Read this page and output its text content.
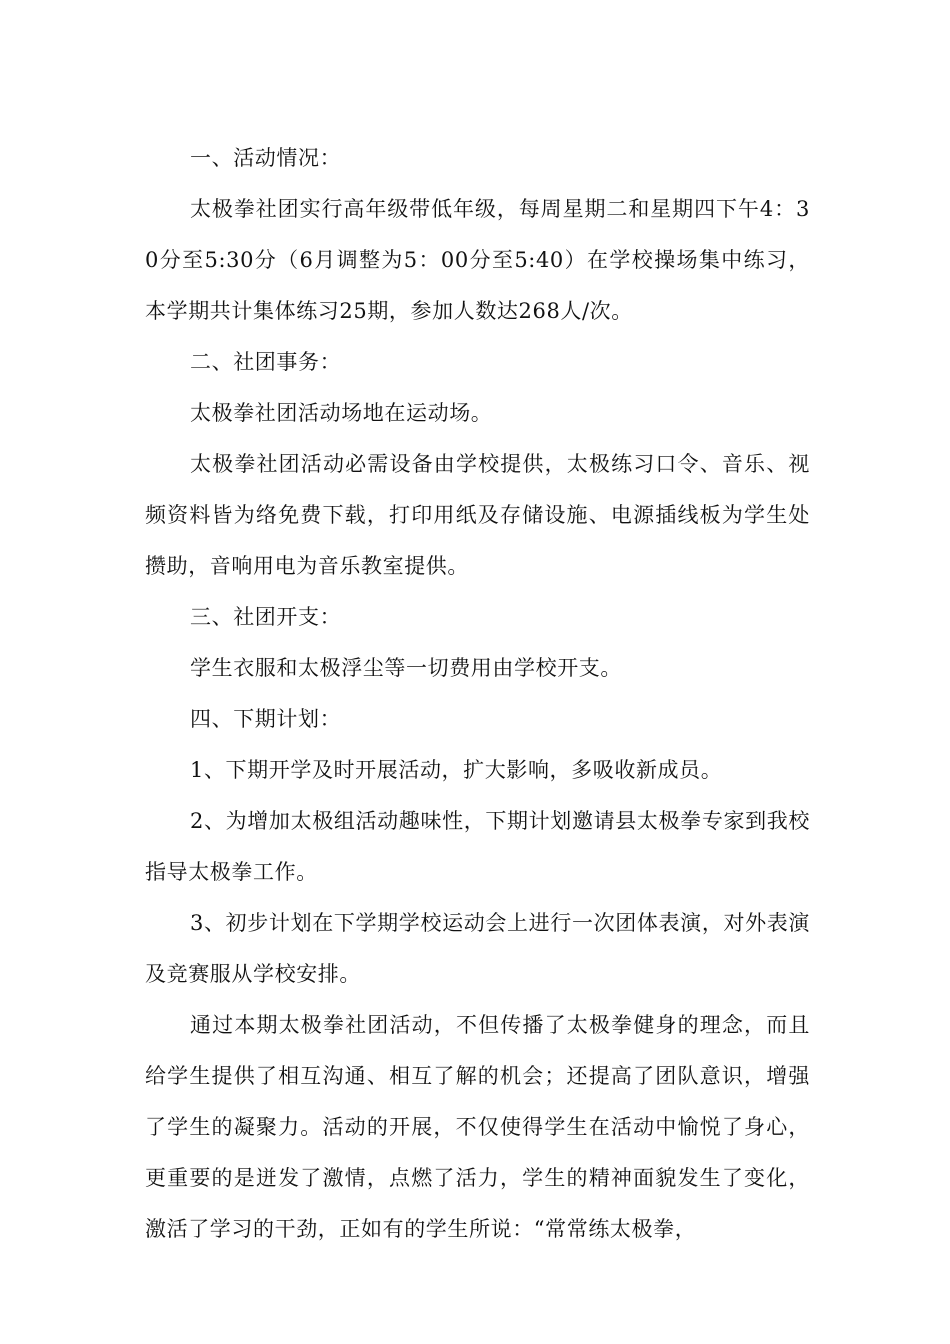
一、活动情况：

太极拳社团实行高年级带低年级，每周星期二和星期四下午4：30分至5:30分（6月调整为5：00分至5:40）在学校操场集中练习，本学期共计集体练习25期，参加人数达268人/次。

二、社团事务：

太极拳社团活动场地在运动场。

太极拳社团活动必需设备由学校提供，太极练习口令、音乐、视频资料皆为络免费下载，打印用纸及存储设施、电源插线板为学生处攒助，音响用电为音乐教室提供。

三、社团开支：

学生衣服和太极浮尘等一切费用由学校开支。

四、下期计划：

1、下期开学及时开展活动，扩大影响，多吸收新成员。

2、为增加太极组活动趣味性，下期计划邀请县太极拳专家到我校指导太极拳工作。

3、初步计划在下学期学校运动会上进行一次团体表演，对外表演及竞赛服从学校安排。

通过本期太极拳社团活动，不但传播了太极拳健身的理念，而且给学生提供了相互沟通、相互了解的机会；还提高了团队意识，增强了学生的凝聚力。活动的开展，不仅使得学生在活动中愉悦了身心，更重要的是迸发了激情，点燃了活力，学生的精神面貌发生了变化，激活了学习的干劲，正如有的学生所说：“常常练太极拳，
